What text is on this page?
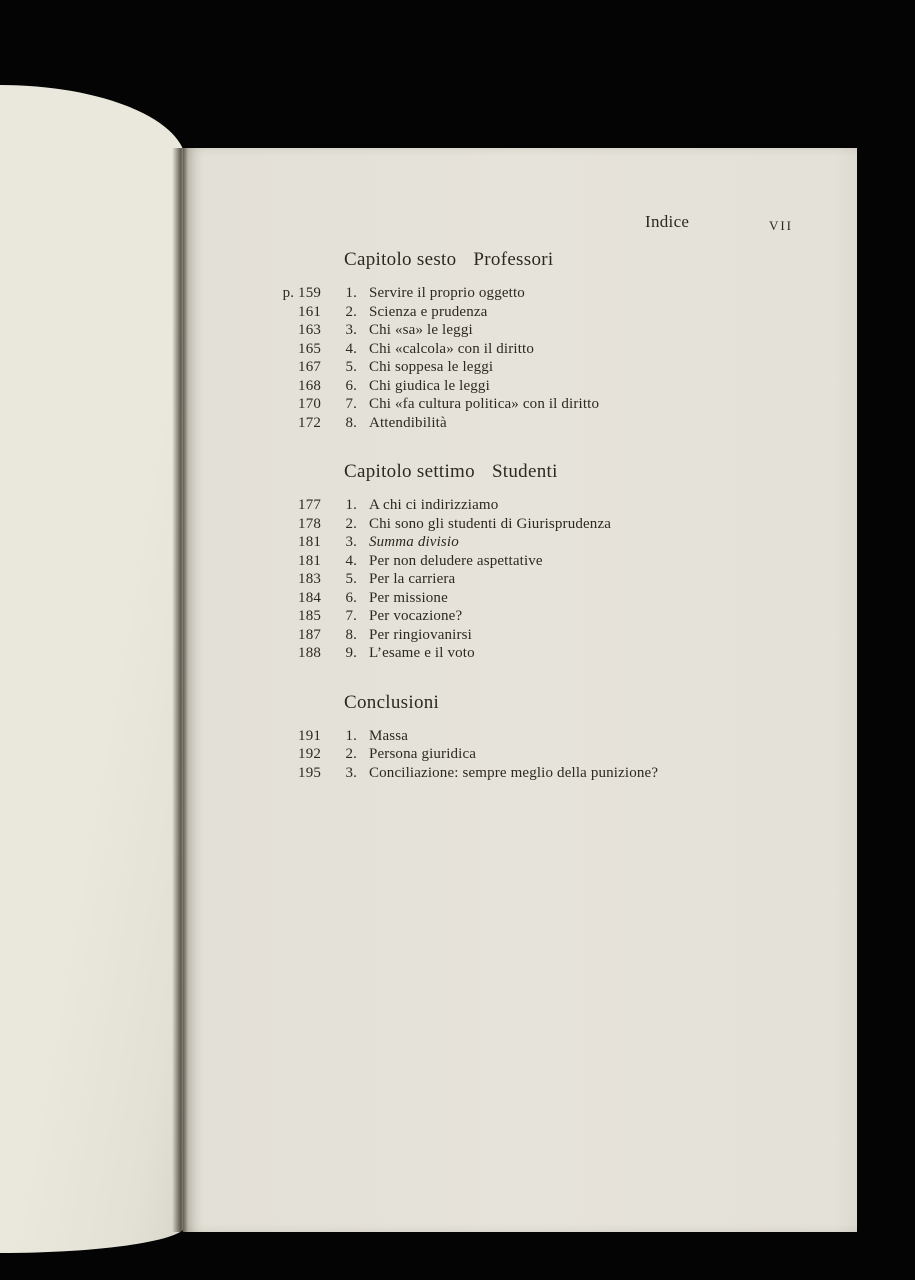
Indice	VII
Capitolo sesto Professori
p. 159	1. Servire il proprio oggetto
161	2. Scienza e prudenza
163	3. Chi «sa» le leggi
165	4. Chi «calcola» con il diritto
167	5. Chi soppesa le leggi
168	6. Chi giudica le leggi
170	7. Chi «fa cultura politica» con il diritto
172	8. Attendibilità
Capitolo settimo Studenti
177	1. A chi ci indirizziamo
178	2. Chi sono gli studenti di Giurisprudenza
181	3. Summa divisio
181	4. Per non deludere aspettative
183	5. Per la carriera
184	6. Per missione
185	7. Per vocazione?
187	8. Per ringiovanirsi
188	9. L’esame e il voto
Conclusioni
191	1. Massa
192	2. Persona giuridica
195	3. Conciliazione: sempre meglio della punizione?
